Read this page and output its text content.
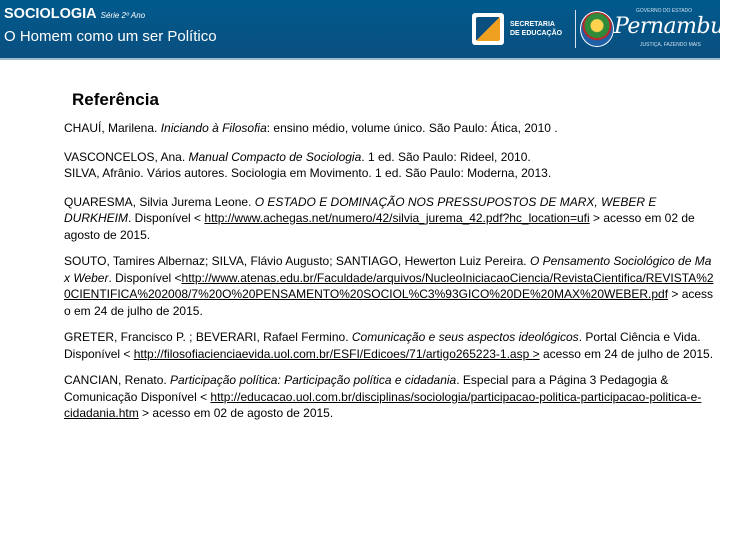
SOCIOLOGIA Série 2º Ano
O Homem como um ser Político
SECRETARIA
DE EDUCAÇÃO
GOVERNO DO ESTADO
Pernambuco
JUSTIÇA, FAZENDO MAIS
Referência

CHAUÍ, Marilena. Iniciando à Filosofia: ensino médio, volume único. São Paulo: Ática, 2010 .

VASCONCELOS, Ana. Manual Compacto de Sociologia. 1 ed. São Paulo: Rideel, 2010.

SILVA, Afrânio. Vários autores. Sociologia em Movimento. 1 ed. São Paulo: Moderna, 2013.

QUARESMA, Silvia Jurema Leone. O ESTADO E DOMINAÇÃO NOS PRESSUPOSTOS DE MARX, WEBER E DURKHEIM. Disponível < http://www.achegas.net/numero/42/silvia_jurema_42.pdf?hc_location=ufi > acesso em 02 de agosto de 2015.

SOUTO, Tamires Albernaz; SILVA, Flávio Augusto; SANTIAGO, Hewerton Luiz Pereira. O Pensamento Sociológico de Max Weber. Disponível <http://www.atenas.edu.br/Faculdade/arquivos/NucleoIniciacaoCiencia/RevistaCientifica/REVISTA%20CIENTIFICA%202008/7%20O%20PENSAMENTO%20SOCIOL%C3%93GICO%20DE%20MAX%20WEBER.pdf > acesso em 24 de julho de 2015.

GRETER, Francisco P. ; BEVERARI, Rafael Fermino. Comunicação e seus aspectos ideológicos. Portal Ciência e Vida. Disponível < http://filosofiacienciaevida.uol.com.br/ESFI/Edicoes/71/artigo265223-1.asp > acesso em 24 de julho de 2015.

CANCIAN, Renato. Participação política: Participação política e cidadania. Especial para a Página 3 Pedagogia & Comunicação Disponível < http://educacao.uol.com.br/disciplinas/sociologia/participacao-politica-participacao-politica-e-cidadania.htm > acesso em 02 de agosto de 2015.
